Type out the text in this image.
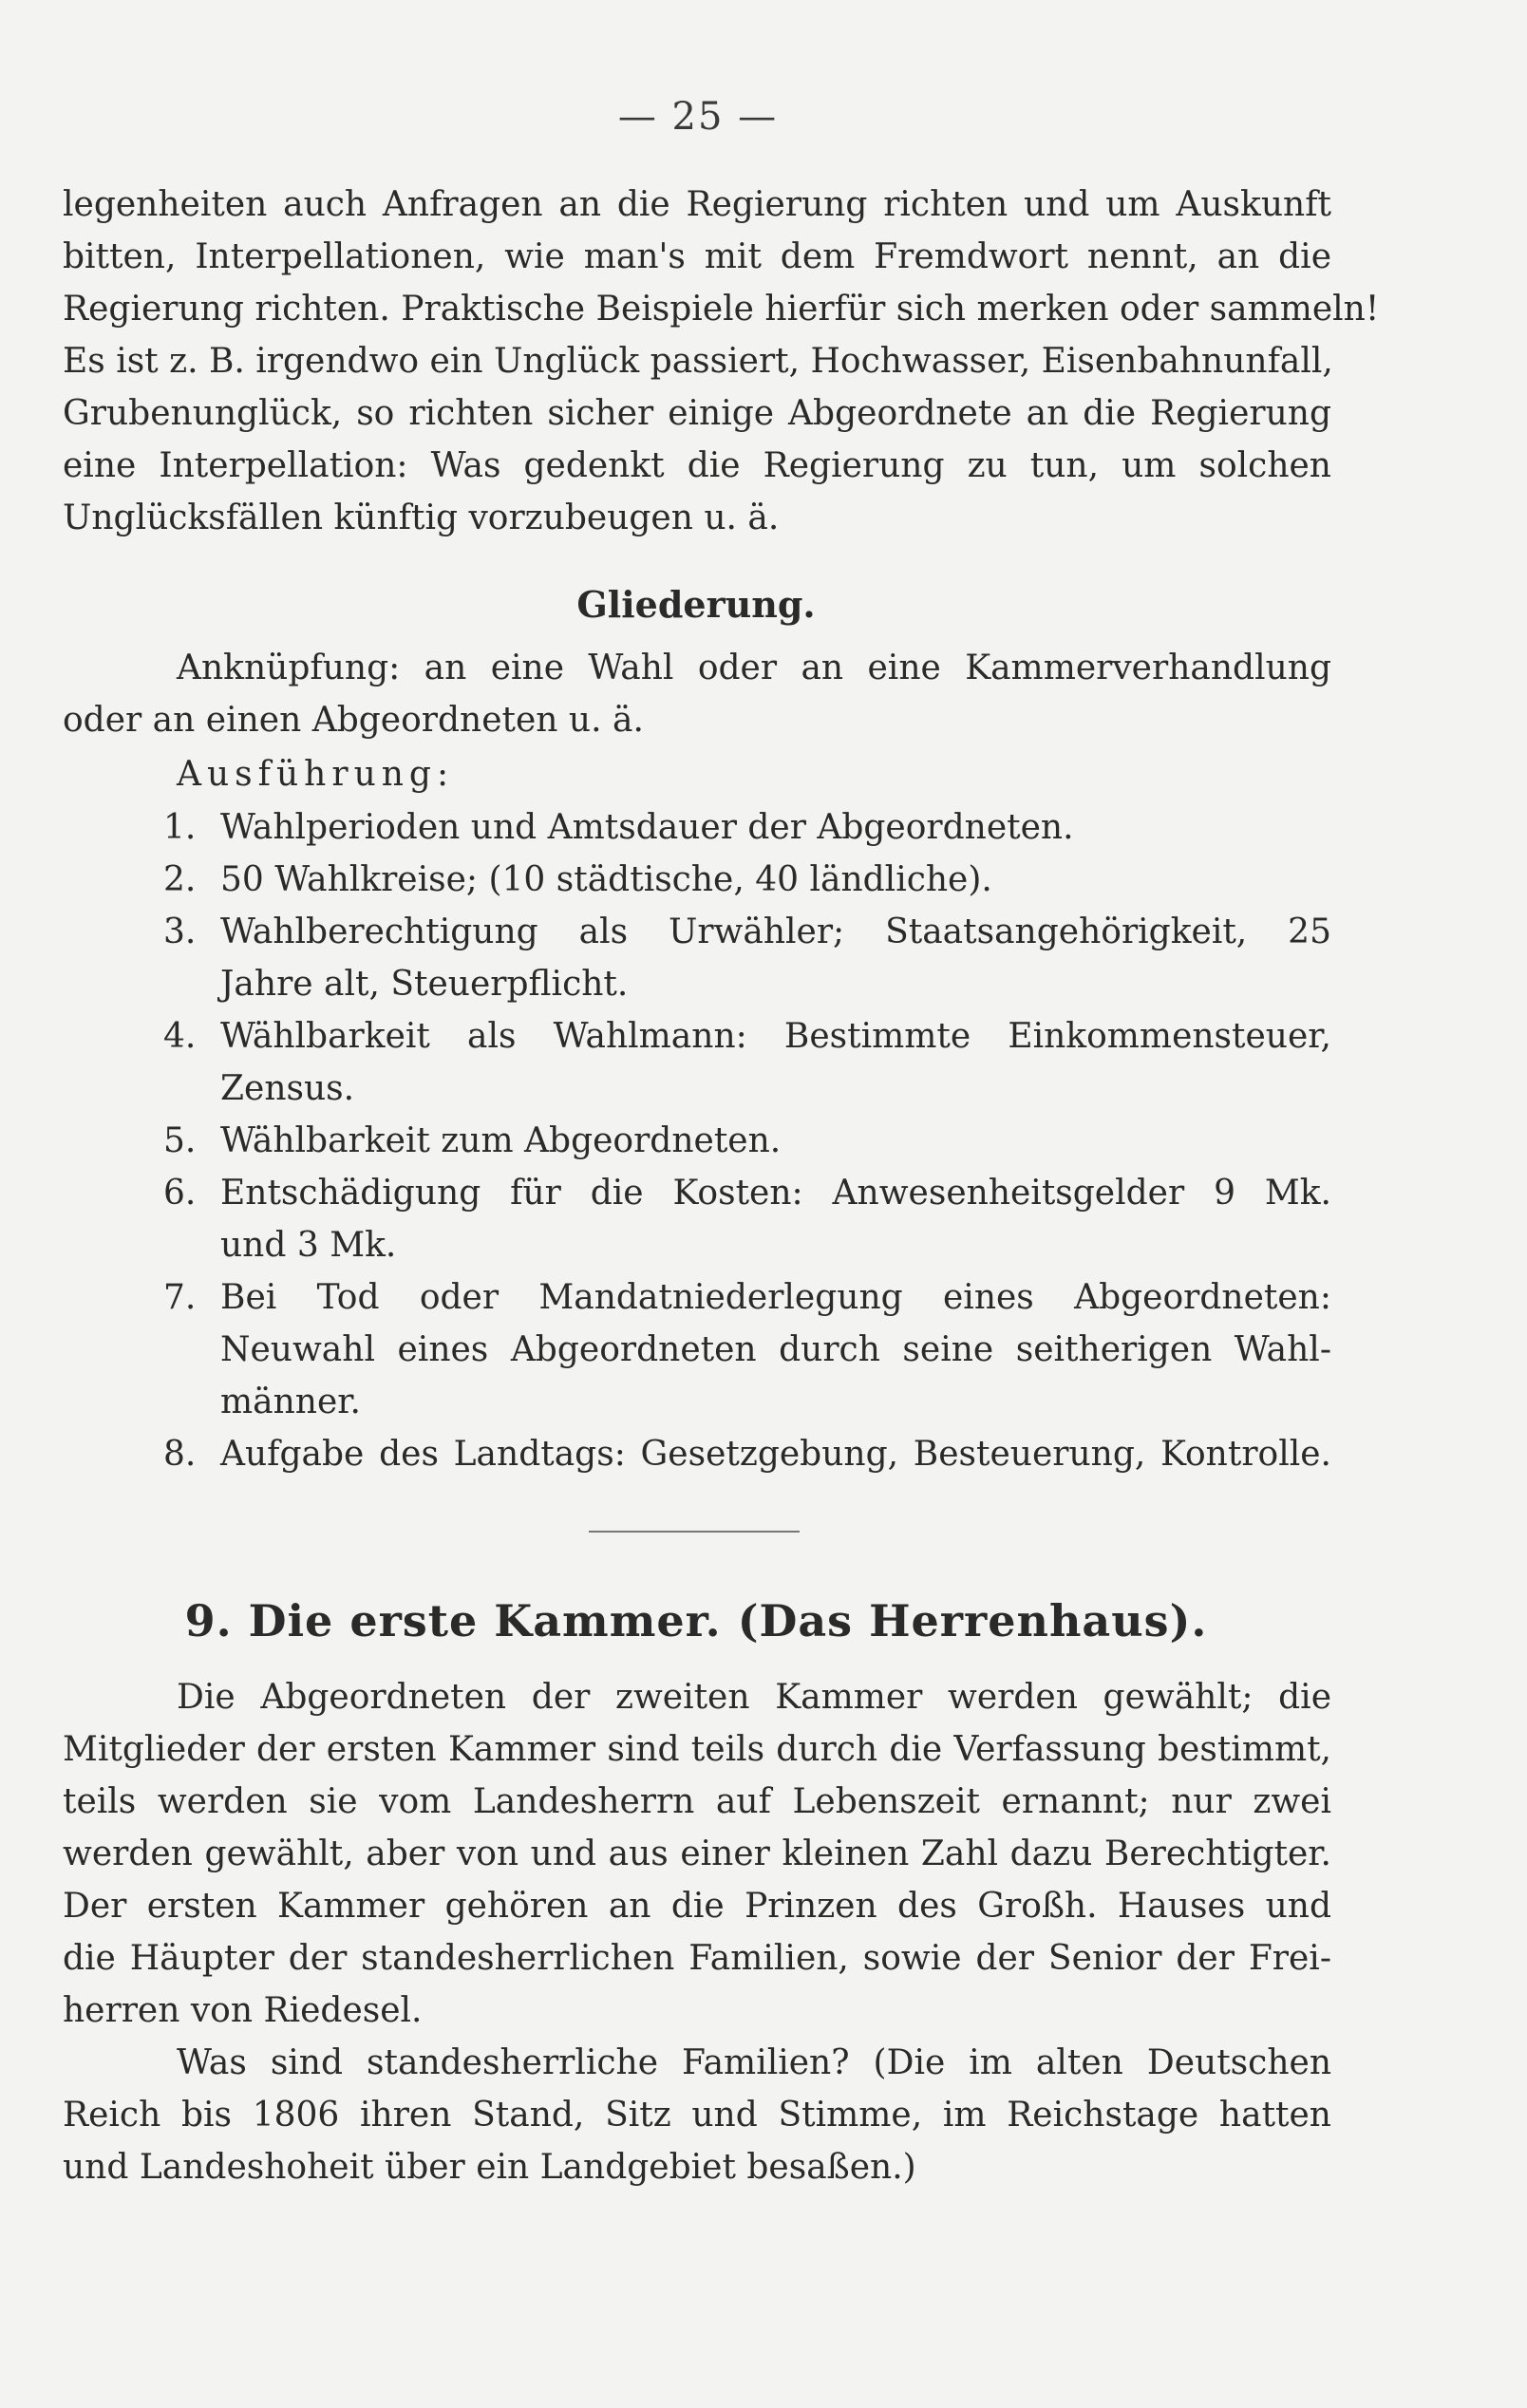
— 25 —
legenheiten auch Anfragen an die Regierung richten und um Auskunft
bitten, Interpellationen, wie man's mit dem Fremdwort nennt, an die
Regierung richten. Praktische Beispiele hierfür sich merken oder sammeln!
Es ist z. B. irgendwo ein Unglück passiert, Hochwasser, Eisenbahnunfall,
Grubenunglück, so richten sicher einige Abgeordnete an die Regierung
eine Interpellation: Was gedenkt die Regierung zu tun, um solchen
Unglücksfällen künftig vorzubeugen u. ä.
Gliederung.
Anknüpfung: an eine Wahl oder an eine Kammerverhandlung
oder an einen Abgeordneten u. ä.
Ausführung:
1. Wahlperioden und Amtsdauer der Abgeordneten.
2. 50 Wahlkreise; (10 städtische, 40 ländliche).
3. Wahlberechtigung als Urwähler; Staatsangehörigkeit, 25
Jahre alt, Steuerpflicht.
4. Wählbarkeit als Wahlmann: Bestimmte Einkommensteuer,
Zensus.
5. Wählbarkeit zum Abgeordneten.
6. Entschädigung für die Kosten: Anwesenheitsgelder 9 Mk.
und 3 Mk.
7. Bei Tod oder Mandatniederlegung eines Abgeordneten:
Neuwahl eines Abgeordneten durch seine seitherigen Wahl-
männer.
8. Aufgabe des Landtags: Gesetzgebung, Besteuerung, Kontrolle.
9. Die erste Kammer. (Das Herrenhaus).
Die Abgeordneten der zweiten Kammer werden gewählt; die
Mitglieder der ersten Kammer sind teils durch die Verfassung bestimmt,
teils werden sie vom Landesherrn auf Lebenszeit ernannt; nur zwei
werden gewählt, aber von und aus einer kleinen Zahl dazu Berechtigter.
Der ersten Kammer gehören an die Prinzen des Großh. Hauses und
die Häupter der standesherrlichen Familien, sowie der Senior der Frei-
herren von Riedesel.
Was sind standesherrliche Familien? (Die im alten Deutschen
Reich bis 1806 ihren Stand, Sitz und Stimme, im Reichstage hatten
und Landeshoheit über ein Landgebiet besaßen.)
